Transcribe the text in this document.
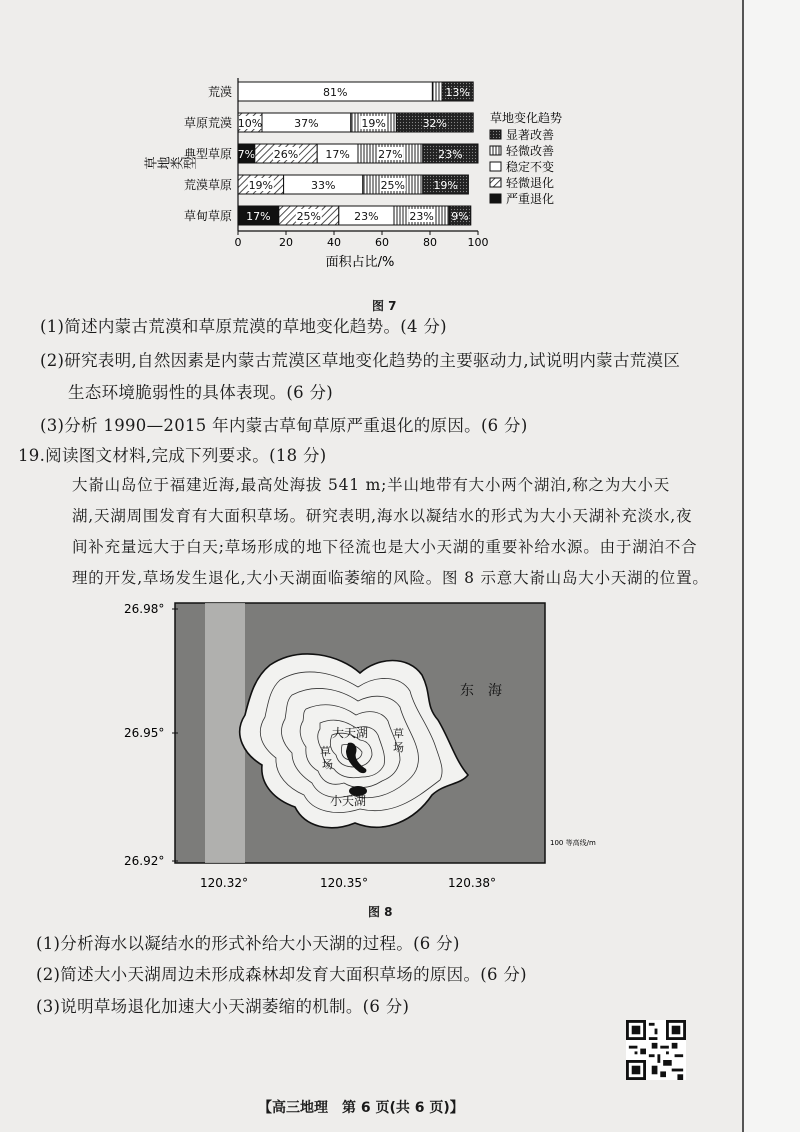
荒漠	81%	13%
草原荒漠 10%	37%	19%	32%
典型草原 7% 26% 17%	27%	23%
荒漠草原 19%	33%	25%	19%
草甸草原 17% 25%	23%	23% 9%
0	20	40	60	80	100
草地类型
面积占比/%
草地变化趋势
显著改善
轻微改善
稳定不变
轻微退化
严重退化
图 7
(1)简述内蒙古荒漠和草原荒漠的草地变化趋势。(4 分)
(2)研究表明,自然因素是内蒙古荒漠区草地变化趋势的主要驱动力,试说明内蒙古荒漠区
生态环境脆弱性的具体表现。(6 分)
(3)分析 1990—2015 年内蒙古草甸草原严重退化的原因。(6 分)
19.阅读图文材料,完成下列要求。(18 分)
大嵛山岛位于福建近海,最高处海拔 541 m;半山地带有大小两个湖泊,称之为大小天
湖,天湖周围发育有大面积草场。研究表明,海水以凝结水的形式为大小天湖补充淡水,夜
间补充量远大于白天;草场形成的地下径流也是大小天湖的重要补给水源。由于湖泊不合
理的开发,草场发生退化,大小天湖面临萎缩的风险。图 8 示意大嵛山岛大小天湖的位置。
东　海
大天湖
小天湖
草
场
草
场
26.98°
26.95°
26.92°
120.32°	120.35°	120.38°
100 等高线/m
图 8
(1)分析海水以凝结水的形式补给大小天湖的过程。(6 分)
(2)简述大小天湖周边未形成森林却发育大面积草场的原因。(6 分)
(3)说明草场退化加速大小天湖萎缩的机制。(6 分)
【高三地理　第 6 页(共 6 页)】
